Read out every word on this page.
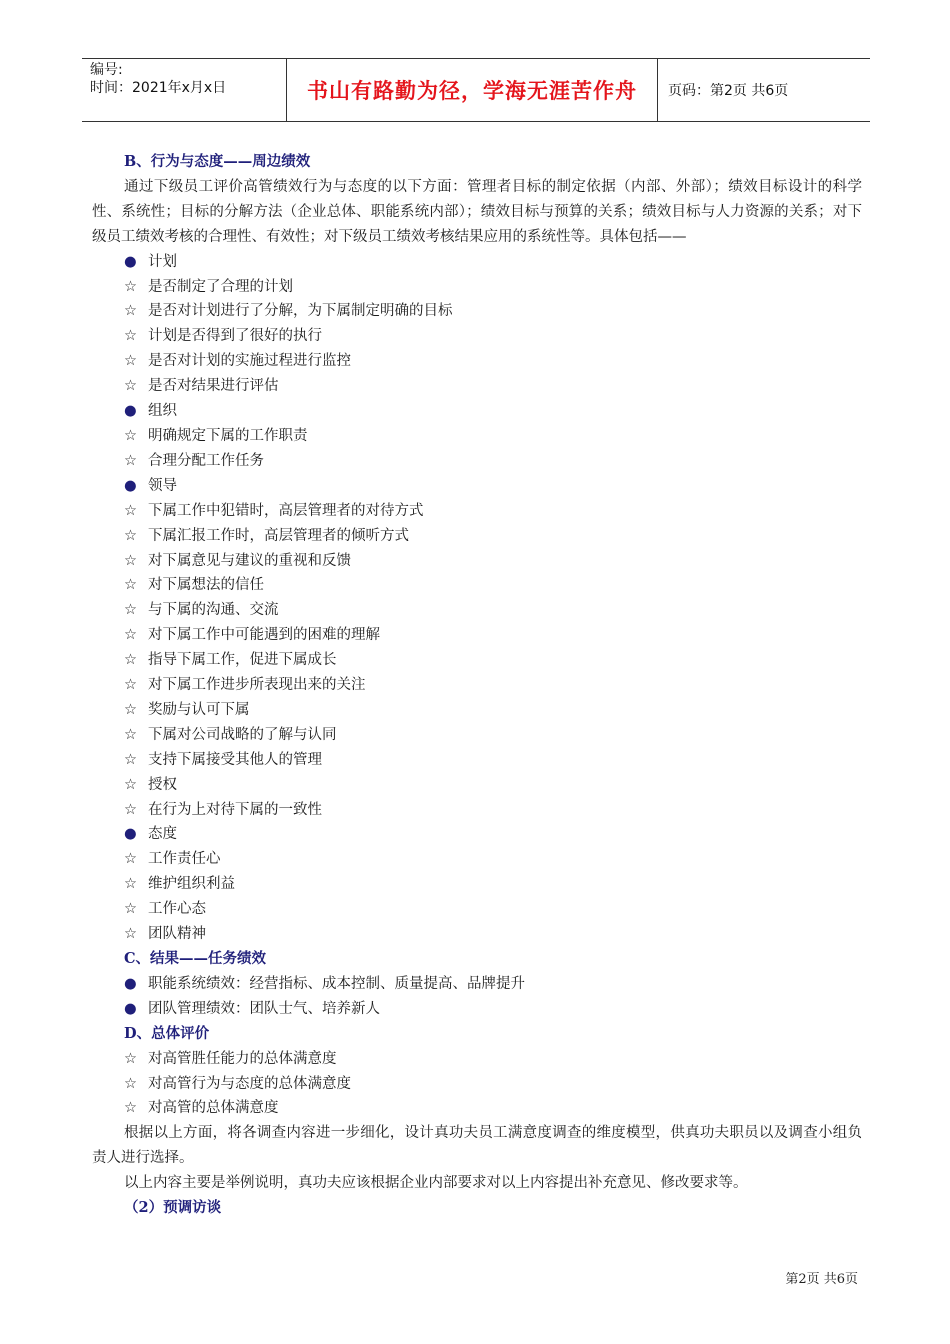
编号:
时间：2021年x月x日	书山有路勤为径，学海无涯苦作舟	页码：第2页 共6页
B、行为与态度——周边绩效
通过下级员工评价高管绩效行为与态度的以下方面：管理者目标的制定依据（内部、外部）；绩效目标设计的科学性、系统性；目标的分解方法（企业总体、职能系统内部）；绩效目标与预算的关系；绩效目标与人力资源的关系；对下级员工绩效考核的合理性、有效性；对下级员工绩效考核结果应用的系统性等。具体包括——
● 计划
☆ 是否制定了合理的计划
☆ 是否对计划进行了分解，为下属制定明确的目标
☆ 计划是否得到了很好的执行
☆ 是否对计划的实施过程进行监控
☆ 是否对结果进行评估
● 组织
☆ 明确规定下属的工作职责
☆ 合理分配工作任务
● 领导
☆ 下属工作中犯错时，高层管理者的对待方式
☆ 下属汇报工作时，高层管理者的倾听方式
☆ 对下属意见与建议的重视和反馈
☆ 对下属想法的信任
☆ 与下属的沟通、交流
☆ 对下属工作中可能遇到的困难的理解
☆ 指导下属工作，促进下属成长
☆ 对下属工作进步所表现出来的关注
☆ 奖励与认可下属
☆ 下属对公司战略的了解与认同
☆ 支持下属接受其他人的管理
☆ 授权
☆ 在行为上对待下属的一致性
● 态度
☆ 工作责任心
☆ 维护组织利益
☆ 工作心态
☆ 团队精神
C、结果——任务绩效
● 职能系统绩效：经营指标、成本控制、质量提高、品牌提升
● 团队管理绩效：团队士气、培养新人
D、总体评价
☆ 对高管胜任能力的总体满意度
☆ 对高管行为与态度的总体满意度
☆ 对高管的总体满意度
根据以上方面，将各调查内容进一步细化，设计真功夫员工满意度调查的维度模型，供真功夫职员以及调查小组负责人进行选择。
以上内容主要是举例说明，真功夫应该根据企业内部要求对以上内容提出补充意见、修改要求等。
（2）预调访谈
第2页 共6页
